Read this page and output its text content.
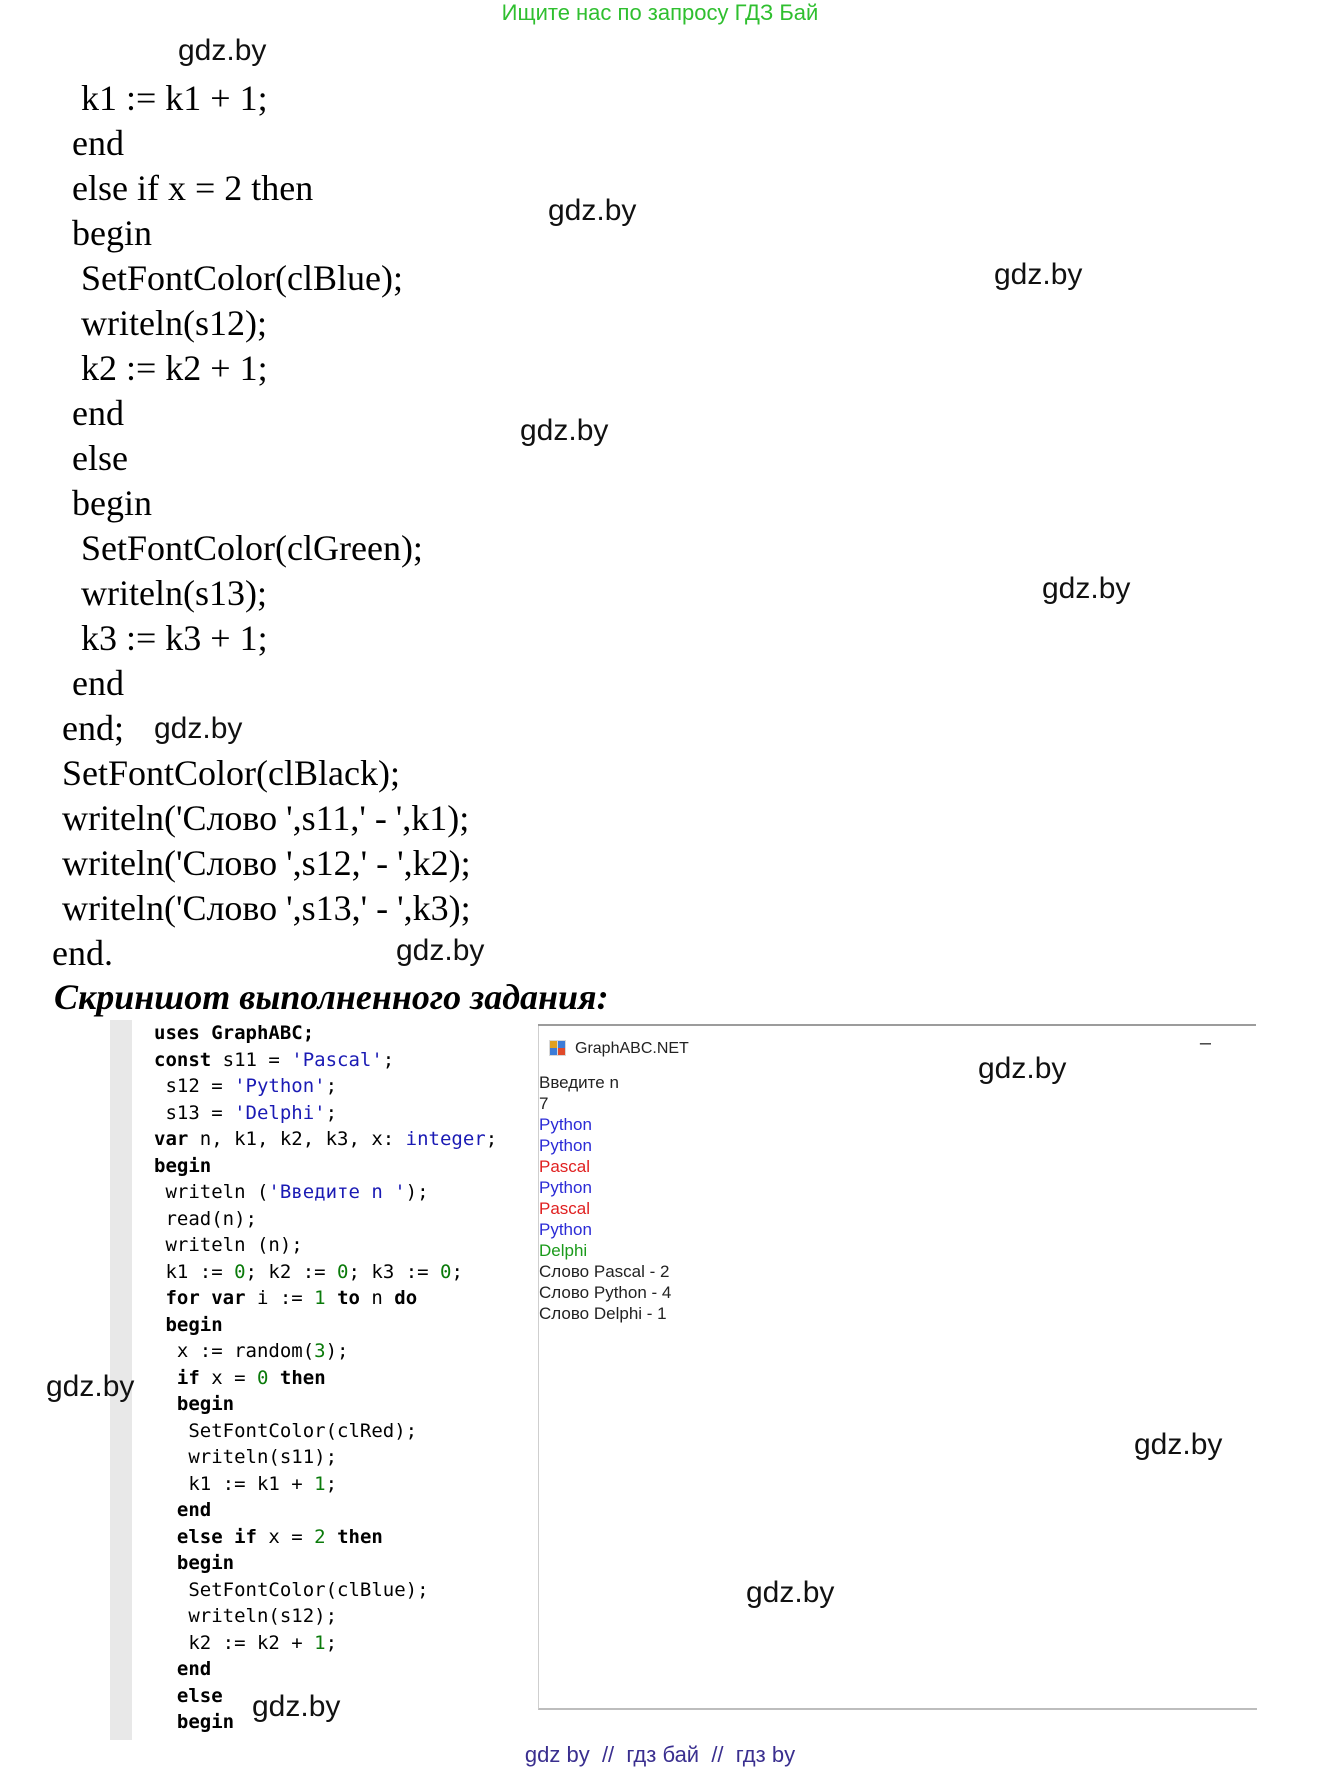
Ищите нас по запросу ГДЗ Бай
gdz.by
gdz.by
gdz.by
gdz.by
gdz.by
gdz.by
gdz.by
k1 := k1 + 1;
end
else if x = 2 then
begin
SetFontColor(clBlue);
writeln(s12);
k2 := k2 + 1;
end
else
begin
SetFontColor(clGreen);
writeln(s13);
k3 := k3 + 1;
end
end;
SetFontColor(clBlack);
writeln('Слово ',s11,' - ',k1);
writeln('Слово ',s12,' - ',k2);
writeln('Слово ',s13,' - ',k3);
end.
Скриншот выполненного задания:
uses GraphABC;
const s11 = 'Pascal';
s12 = 'Python';
s13 = 'Delphi';
var n, k1, k2, k3, x: integer;
begin
writeln ('Введите n ');
read(n);
writeln (n);
k1 := 0; k2 := 0; k3 := 0;
for var i := 1 to n do
begin
x := random(3);
if x = 0 then
begin
SetFontColor(clRed);
writeln(s11);
k1 := k1 + 1;
end
else if x = 2 then
begin
SetFontColor(clBlue);
writeln(s12);
k2 := k2 + 1;
end
else
begin
GraphABC.NET	–
Введите n
7
Python
Python
Pascal
Python
Pascal
Python
Delphi
Слово Pascal - 2
Слово Python - 4
Слово Delphi - 1
gdz.by
gdz.by
gdz.by
gdz.by
gdz.by
gdz by  //  гдз бай  //  гдз by
